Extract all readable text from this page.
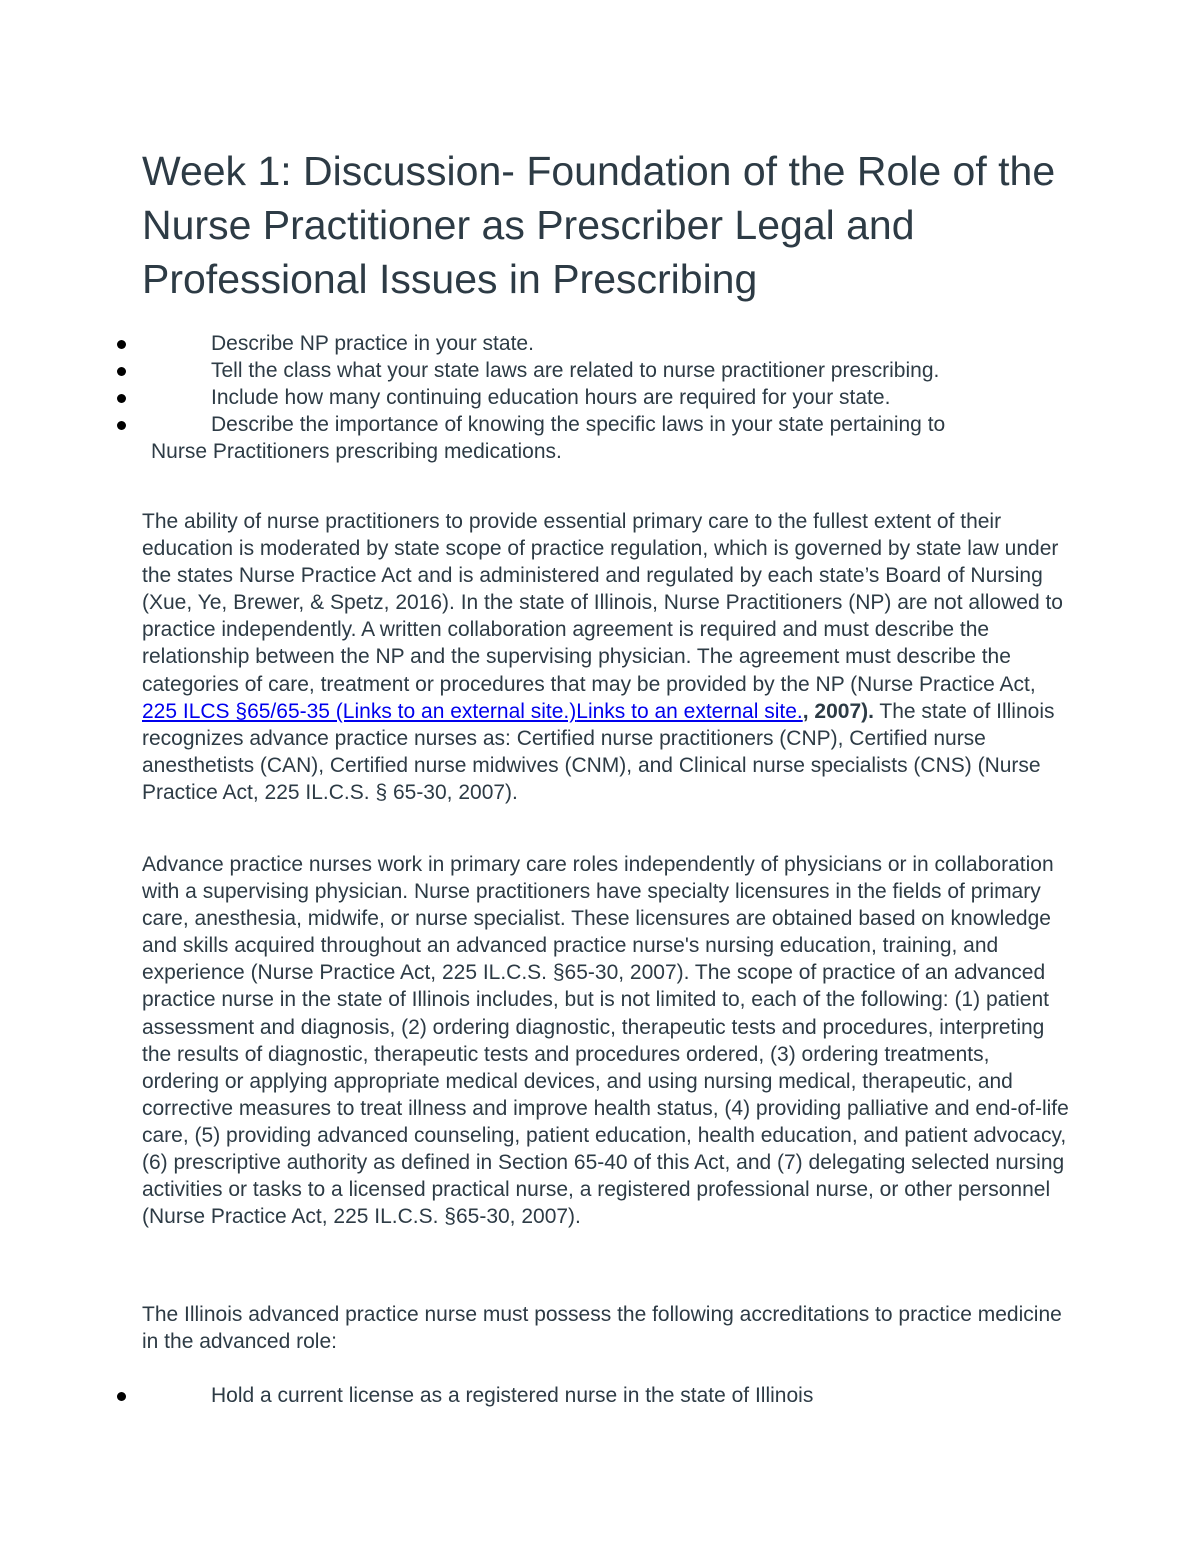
Week 1: Discussion- Foundation of the Role of the Nurse Practitioner as Prescriber Legal and Professional Issues in Prescribing
Describe NP practice in your state.
Tell the class what your state laws are related to nurse practitioner prescribing.
Include how many continuing education hours are required for your state.
Describe the importance of knowing the specific laws in your state pertaining to
Nurse Practitioners prescribing medications.

The ability of nurse practitioners to provide essential primary care to the fullest extent of their education is moderated by state scope of practice regulation, which is governed by state law under the states Nurse Practice Act and is administered and regulated by each state’s Board of Nursing (Xue, Ye, Brewer, & Spetz, 2016). In the state of Illinois, Nurse Practitioners (NP) are not allowed to practice independently. A written collaboration agreement is required and must describe the relationship between the NP and the supervising physician. The agreement must describe the categories of care, treatment or procedures that may be provided by the NP (Nurse Practice Act, 225 ILCS §65/65-35 (Links to an external site.)Links to an external site., 2007). The state of Illinois recognizes advance practice nurses as: Certified nurse practitioners (CNP), Certified nurse anesthetists (CAN), Certified nurse midwives (CNM), and Clinical nurse specialists (CNS) (Nurse Practice Act, 225 IL.C.S. § 65-30, 2007).

Advance practice nurses work in primary care roles independently of physicians or in collaboration with a supervising physician. Nurse practitioners have specialty licensures in the fields of primary care, anesthesia, midwife, or nurse specialist. These licensures are obtained based on knowledge and skills acquired throughout an advanced practice nurse's nursing education, training, and experience (Nurse Practice Act, 225 IL.C.S. §65-30, 2007). The scope of practice of an advanced practice nurse in the state of Illinois includes, but is not limited to, each of the following: (1) patient assessment and diagnosis, (2) ordering diagnostic, therapeutic tests and procedures, interpreting the results of diagnostic, therapeutic tests and procedures ordered, (3) ordering treatments, ordering or applying appropriate medical devices, and using nursing medical, therapeutic, and corrective measures to treat illness and improve health status, (4) providing palliative and end-of-life care, (5) providing advanced counseling, patient education, health education, and patient advocacy, (6) prescriptive authority as defined in Section 65-40 of this Act, and (7) delegating selected nursing activities or tasks to a licensed practical nurse, a registered professional nurse, or other personnel (Nurse Practice Act, 225 IL.C.S. §65-30, 2007).

The Illinois advanced practice nurse must possess the following accreditations to practice medicine in the advanced role:

Hold a current license as a registered nurse in the state of Illinois
